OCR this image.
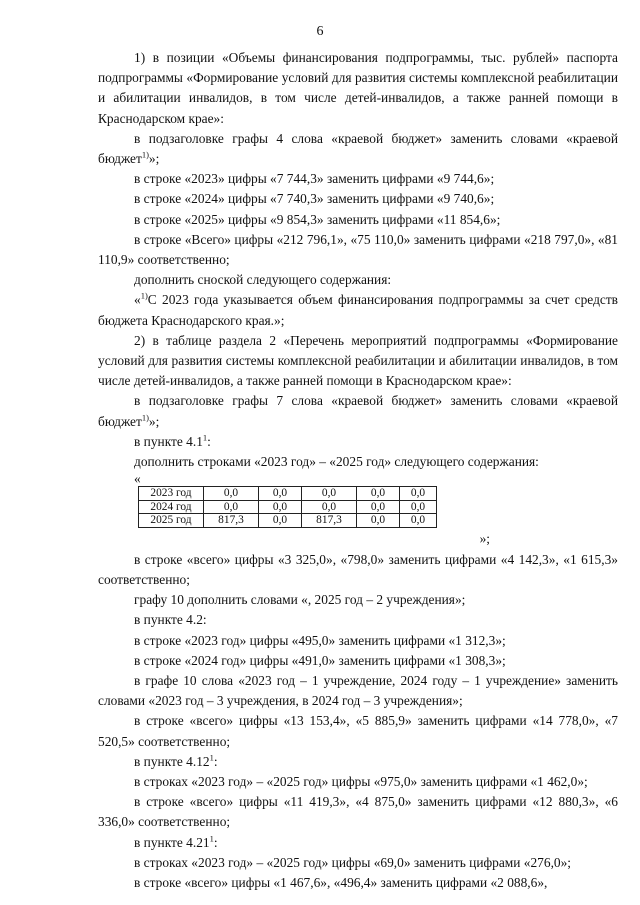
6

1) в позиции «Объемы финансирования подпрограммы, тыс. рублей» паспорта подпрограммы «Формирование условий для развития системы комплексной реабилитации и абилитации инвалидов, в том числе детей-инвалидов, а также ранней помощи в Краснодарском крае»:

в подзаголовке графы 4 слова «краевой бюджет» заменить словами «краевой бюджет$^{1)}$»;

в строке «2023» цифры «7 744,3» заменить цифрами «9 744,6»;

в строке «2024» цифры «7 740,3» заменить цифрами «9 740,6»;

в строке «2025» цифры «9 854,3» заменить цифрами «11 854,6»;

в строке «Всего» цифры «212 796,1», «75 110,0» заменить цифрами «218 797,0», «81 110,9» соответственно;

дополнить сноской следующего содержания:

«$^{1)}$С 2023 года указывается объем финансирования подпрограммы за счет средств бюджета Краснодарского края.»;

2) в таблице раздела 2 «Перечень мероприятий подпрограммы «Формирование условий для развития системы комплексной реабилитации и абилитации инвалидов, в том числе детей-инвалидов, а также ранней помощи в Краснодарском крае»:

в подзаголовке графы 7 слова «краевой бюджет» заменить словами «краевой бюджет$^{1)}$»;

в пункте $4.1^1$:

дополнить строками «2023 год» – «2025 год» следующего содержания:

«
2023 год	0,0	0,0	0,0	0,0	0,0
2024 год	0,0	0,0	0,0	0,0	0,0
2025 год	817,3	0,0	817,3	0,0	0,0
»;

в строке «всего» цифры «3 325,0», «798,0» заменить цифрами «4 142,3», «1 615,3» соответственно;

графу 10 дополнить словами «, 2025 год – 2 учреждения»;

в пункте 4.2:

в строке «2023 год» цифры «495,0» заменить цифрами «1 312,3»;

в строке «2024 год» цифры «491,0» заменить цифрами «1 308,3»;

в графе 10 слова «2023 год – 1 учреждение, 2024 году – 1 учреждение» заменить словами «2023 год – 3 учреждения, в 2024 год – 3 учреждения»;

в строке «всего» цифры «13 153,4», «5 885,9» заменить цифрами «14 778,0», «7 520,5» соответственно;

в пункте 4.12$^1$:

в строках «2023 год» – «2025 год» цифры «975,0» заменить цифрами «1 462,0»;

в строке «всего» цифры «11 419,3», «4 875,0» заменить цифрами «12 880,3», «6 336,0» соответственно;

в пункте 4.21$^1$:

в строках «2023 год» – «2025 год» цифры «69,0» заменить цифрами «276,0»;

в строке «всего» цифры «1 467,6», «496,4» заменить цифрами «2 088,6»,
